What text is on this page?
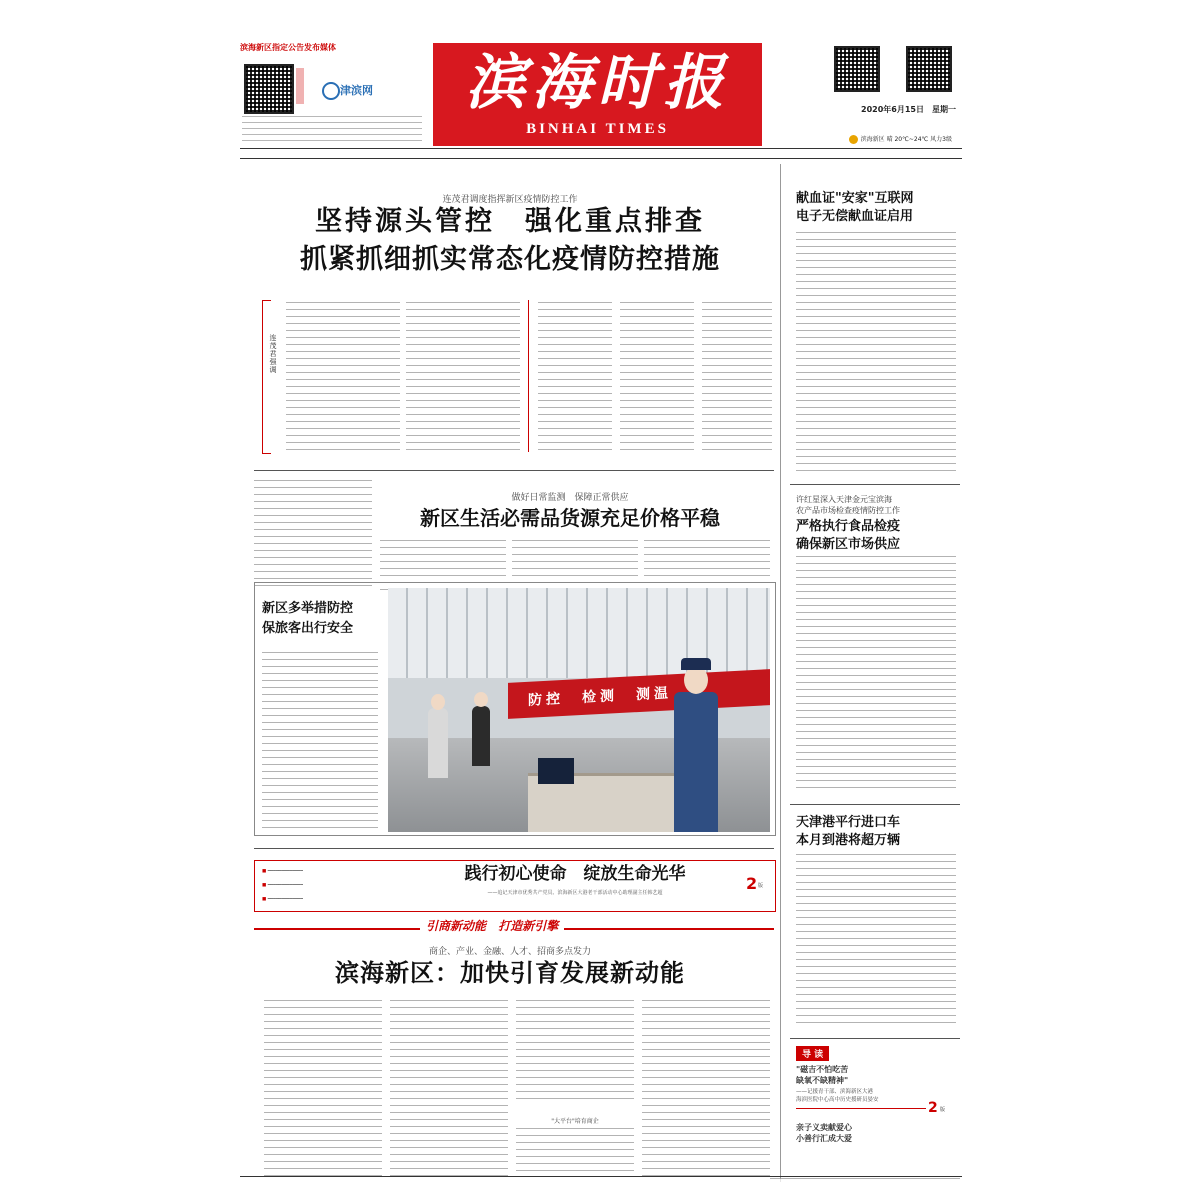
滨海新区指定公告发布媒体
津滨网	滨海时报
BINHAI TIMES
2020年6月15日　星期一
滨海新区 晴 20℃~24℃ 风力3级
连茂君调度指挥新区疫情防控工作
坚持源头管控　强化重点排查
抓紧抓细抓实常态化疫情防控措施
连茂君强调
做好日常监测　保障正常供应
新区生活必需品货源充足价格平稳
新区多举措防控
保旅客出行安全
防控　检测　测温
■ ━━━━━━━━━━━━━
■ ━━━━━━━━━━━━━
■ ━━━━━━━━━━━━━
践行初心使命　绽放生命光华
——追记天津市优秀共产党员、滨海新区大港老干部活动中心助理副主任韩艺超	2 版
引商新动能 打造新引擎
商企、产业、金融、人才、招商多点发力
滨海新区：加快引育发展新动能
"大平台"培育商企
献血证"安家"互联网
电子无偿献血证启用
许红星深入天津金元宝滨海
农产品市场检查疫情防控工作
严格执行食品检疫
确保新区市场供应
天津港平行进口车
本月到港将超万辆
导 读
"磁吉不怕吃苦
缺氧不缺精神"
——记援青干部、滨海新区大港
海滨医院中心高中历史援研员晏安	2 版
亲子义卖献爱心
小善行汇成大爱
